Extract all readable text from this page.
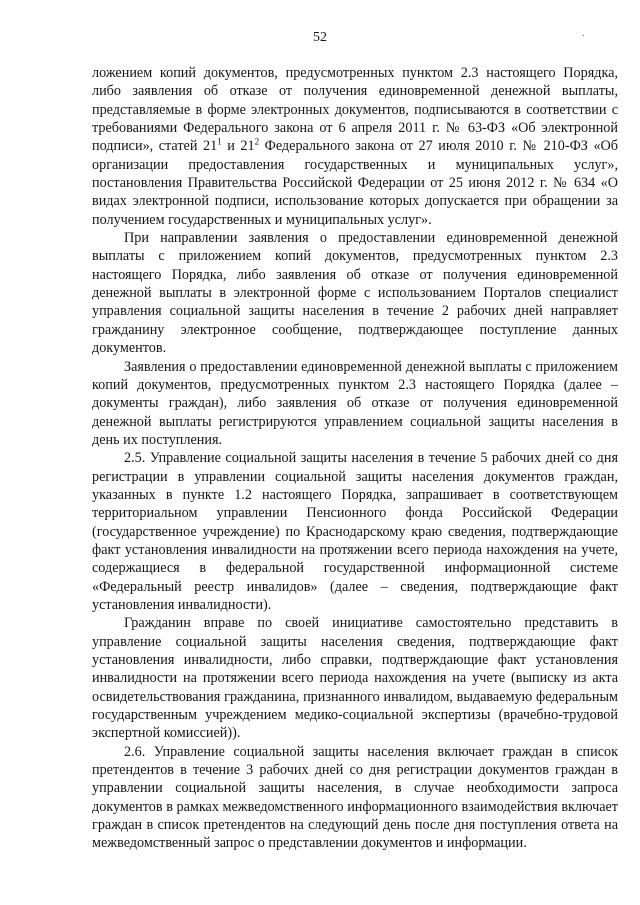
52	.

ложением копий документов, предусмотренных пунктом 2.3 настоящего Порядка, либо заявления об отказе от получения единовременной денежной выплаты, представляемые в форме электронных документов, подписываются в соответствии с требованиями Федерального закона от 6 апреля 2011 г. № 63-ФЗ «Об электронной подписи», статей $21^1$ и $21^2$ Федерального закона от 27 июля 2010 г. № 210-ФЗ «Об организации предоставления государственных и муниципальных услуг», постановления Правительства Российской Федерации от 25 июня 2012 г. № 634 «О видах электронной подписи, использование которых допускается при обращении за получением государственных и муниципальных услуг».

При направлении заявления о предоставлении единовременной денежной выплаты с приложением копий документов, предусмотренных пунктом 2.3 настоящего Порядка, либо заявления об отказе от получения единовременной денежной выплаты в электронной форме с использованием Порталов специалист управления социальной защиты населения в течение 2 рабочих дней направляет гражданину электронное сообщение, подтверждающее поступление данных документов.

Заявления о предоставлении единовременной денежной выплаты с приложением копий документов, предусмотренных пунктом 2.3 настоящего Порядка (далее – документы граждан), либо заявления об отказе от получения единовременной денежной выплаты регистрируются управлением социальной защиты населения в день их поступления.

2.5. Управление социальной защиты населения в течение 5 рабочих дней со дня регистрации в управлении социальной защиты населения документов граждан, указанных в пункте 1.2 настоящего Порядка, запрашивает в соответствующем территориальном управлении Пенсионного фонда Российской Федерации (государственное учреждение) по Краснодарскому краю сведения, подтверждающие факт установления инвалидности на протяжении всего периода нахождения на учете, содержащиеся в федеральной государственной информационной системе «Федеральный реестр инвалидов» (далее – сведения, подтверждающие факт установления инвалидности).

Гражданин вправе по своей инициативе самостоятельно представить в управление социальной защиты населения сведения, подтверждающие факт установления инвалидности, либо справки, подтверждающие факт установления инвалидности на протяжении всего периода нахождения на учете (выписку из акта освидетельствования гражданина, признанного инвалидом, выдаваемую федеральным государственным учреждением медико-социальной экспертизы (врачебно-трудовой экспертной комиссией)).

2.6. Управление социальной защиты населения включает граждан в список претендентов в течение 3 рабочих дней со дня регистрации документов граждан в управлении социальной защиты населения, в случае необходимости запроса документов в рамках межведомственного информационного взаимодействия включает граждан в список претендентов на следующий день после дня поступления ответа на межведомственный запрос о представлении документов и информации.
